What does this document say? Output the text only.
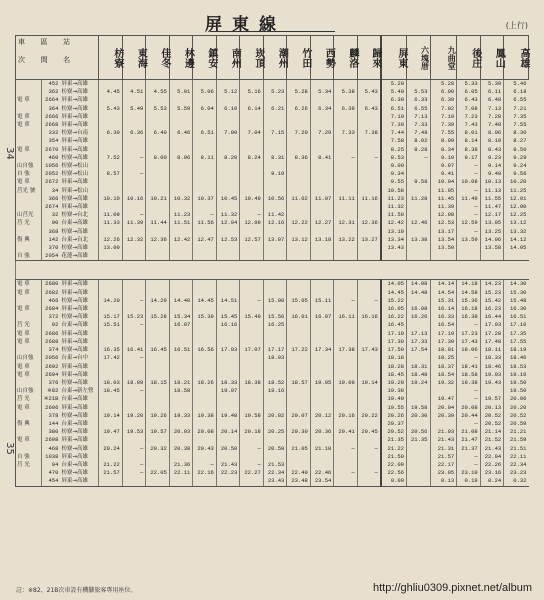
屏東線	(上行)
34
35
車 區 站

次 間 名			枋寮	東海	佳冬	林邊	鎮安	南州	崁頂	潮州	竹田	西勢	麟洛	歸來	屏東	六塊厝	九曲堂	後庄	鳳山	高雄
	452	屏東→高雄													5.20		5.28	5.33	5.39	5.46
	362	枋寮→高雄	4.45	4.51	4.55	5.01	5.06	5.12	5.16	5.23	5.28	5.34	5.38	5.43	5.49	5.53	6.00	6.05	6.11	6.18
電 車	2664	屏東→高雄													6.30	6.33	6.39	6.43	6.48	6.55
	364	枋寮→高雄	5.43	5.49	5.53	5.59	6.04	6.10	6.14	6.21	6.26	6.34	6.39	6.43	6.51	6.55	7.02	7.08	7.13	7.21
電 車	2666	屏東→高雄													7.10	7.13	7.19	7.23	7.28	7.35
電 車	2668	屏東→高雄													7.30	7.33	7.39	7.43	7.48	7.55
	332	枋寮→台南	6.30	6.36	6.40	6.46	6.51	7.00	7.04	7.15	7.20	7.29	7.33	7.38	7.44	7.48	7.55	8.01	8.06	8.30
	354	屏東→高雄													7.58	8.02	8.09	8.14	8.19	8.27
電 車	2670	屏東→高雄													8.25	8.28	8.34	8.38	8.43	8.50
	460	枋寮→高雄	7.52	—	8.00	8.06	8.11	8.20	8.24	8.31	8.36	8.41	—	—	8.53	—	9.10	9.17	9.23	9.29
山自強	1056	枋寮→松山													9.00		9.07	—	9.14	9.24
自 強	2052	枋寮→松山	8.57	—						9.19					9.34		9.41	—	9.49	9.56
電 車	2672	屏東→高雄													9.55	9.58	10.04	10.08	10.13	10.20
莒光 號	34	屏東→松山													10.58		11.05	—	11.13	11.25
	366	枋寮→高雄	10.10	10.16	10.21	10.32	10.37	10.45	10.49	10.56	11.02	11.07	11.11	11.16	11.23	11.28	11.45	11.49	11.55	12.01
	2674	屏東→高雄													11.32		11.39	—	11.47	12.00
山莒光	32	枋寮→台北	11.09	—		11.23	—	11.32	—	11.42					11.50		12.08	—	12.17	12.25
莒 光	90	台東→高雄	11.33	11.39	11.44	11.51	11.56	12.04	12.09	12.16	12.22	12.27	12.31	12.36	12.42	12.46	12.53	12.59	13.05	13.12
	368	枋寮→高雄													13.10		13.17	—	13.25	13.32
復 興	142	台東→台北	12.26	12.32	12.36	12.42	12.47	12.53	12.57	13.07	13.12	13.18	13.22	13.27	13.34	13.38	13.54	13.59	14.06	14.12
	370	枋寮→高雄	13.00												13.43		13.50		13.58	14.05
自 強	2054	花蓮→高雄																		

電 車	2680	屏東→高雄													14.05	14.08	14.14	14.18	14.23	14.30
電 車	2682	屏東→高雄													14.45	14.48	14.54	14.58	15.23	15.30
	466	枋寮→高雄	14.20	—	14.29	14.40	14.45	14.51	—	15.00	15.05	15.11	—	—	15.22		15.31	15.36	15.42	15.48
電 車	2684	屏東→高雄													16.05	16.08	16.14	16.18	16.23	16.30
	372	枋寮→高雄	15.17	15.23	15.28	15.34	15.39	15.45	15.49	15.56	16.01	16.07	16.11	16.16	16.22	16.26	16.33	16.38	16.44	16.51
莒 光	92	台東→高雄	15.51	—		16.07		16.16		16.25					16.45		16.54	—	17.03	17.10
電 車	2686	屏東→高雄													17.10	17.13	17.19	17.23	17.28	17.35
電 車	2688	屏東→高雄													17.30	17.33	17.39	17.43	17.48	17.55
	374	枋寮→高雄	16.35	16.41	16.45	16.51	16.56	17.03	17.07	17.17	17.22	17.34	17.38	17.43	17.50	17.54	18.01	18.06	18.11	18.19
山自強	2056	台東→台中	17.42	—						18.03					18.18		18.25	—	18.33	18.46
電 車	2692	屏東→高雄													18.28	18.31	18.37	18.41	18.46	18.53
電 車	2694	屏東→高雄													18.45	18.48	18.54	18.58	19.03	19.10
	376	枋寮→高雄	18.03	18.09	18.15	18.21	18.26	18.33	18.38	18.52	18.57	19.05	19.09	19.14	19.20	19.24	19.32	19.38	19.43	19.50
山自強	※82	台東→新左營	18.45	—		18.58		19.07		19.16					19.30			—		19.50
莒 光	※21B	台東→高雄													19.40		19.47	—	19.57	20.06
電 車	2696	屏東→高雄													19.55	19.58	20.04	20.08	20.13	20.20
	378	枋寮→高雄	19.14	19.20	19.26	19.33	19.38	19.48	19.58	20.02	20.07	20.12	20.16	20.22	20.26	20.30	20.39	20.44	20.52	20.52
復 興	144	台東→高雄													20.37			—	20.52	20.59
	380	枋寮→高雄	19.47	19.53	19.57	20.03	20.08	20.14	20.18	20.25	20.30	20.36	20.41	20.45	20.52	20.56	21.03	21.08	21.14	21.21
電 車	2698	屏東→高雄													21.35	21.35	21.43	21.47	21.52	21.59
	468	枋寮→高雄	20.24	—	20.32	20.38	20.43	20.50	—	20.59	21.05	21.10	—	—	21.22		21.31	21.37	21.43	21.51
自 強	1038	屏東→高雄													21.50		21.57	—	22.04	22.11
莒 光	94	台東→高雄	21.22	—		21.36	—	21.43	—	21.53					22.09		22.17	—	22.26	22.34
	470	枋寮→高雄	21.57	—	22.05	22.11	22.16	22.23	22.27	22.34	22.40	22.46	—	—	22.56		23.05	23.10	23.16	23.23
	454	屏東→高雄								23.43	23.48	23.54			0.00		0.13	0.19	0.24	0.32
註：※82、21B次車設有機腳旅客專用座位。	http://ghliu0309.pixnet.net/album
